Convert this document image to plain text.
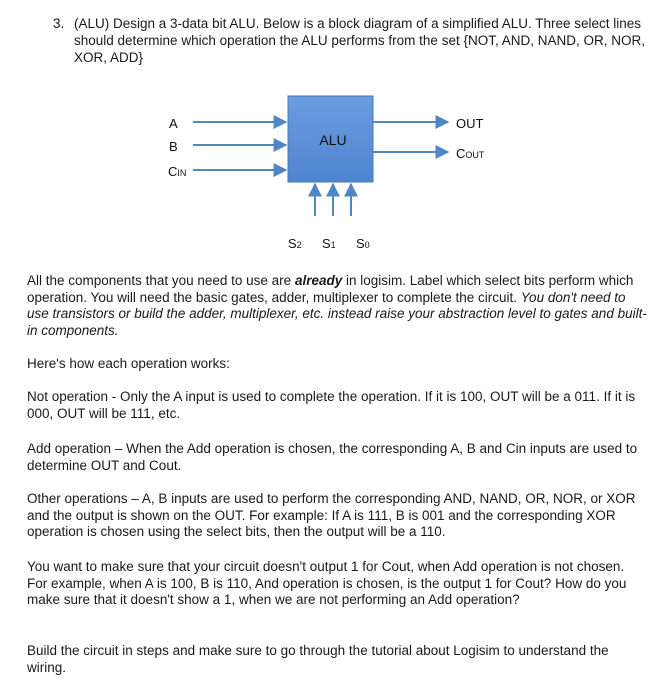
3. (ALU) Design a 3-data bit ALU. Below is a block diagram of a simplified ALU. Three select lines should determine which operation the ALU performs from the set {NOT, AND, NAND, OR, NOR, XOR, ADD}
ALU
A
B
CIN
OUT
COUT
S2 S1 S0
All the components that you need to use are already in logisim. Label which select bits perform which operation. You will need the basic gates, adder, multiplexer to complete the circuit. You don't need to use transistors or build the adder, multiplexer, etc. instead raise your abstraction level to gates and built-in components.
Here's how each operation works:
Not operation - Only the A input is used to complete the operation. If it is 100, OUT will be a 011. If it is 000, OUT will be 111, etc.
Add operation – When the Add operation is chosen, the corresponding A, B and Cin inputs are used to determine OUT and Cout.
Other operations – A, B inputs are used to perform the corresponding AND, NAND, OR, NOR, or XOR and the output is shown on the OUT. For example: If A is 111, B is 001 and the corresponding XOR operation is chosen using the select bits, then the output will be a 110.
You want to make sure that your circuit doesn't output 1 for Cout, when Add operation is not chosen. For example, when A is 100, B is 110, And operation is chosen, is the output 1 for Cout? How do you make sure that it doesn't show a 1, when we are not performing an Add operation?
Build the circuit in steps and make sure to go through the tutorial about Logisim to understand the wiring.
